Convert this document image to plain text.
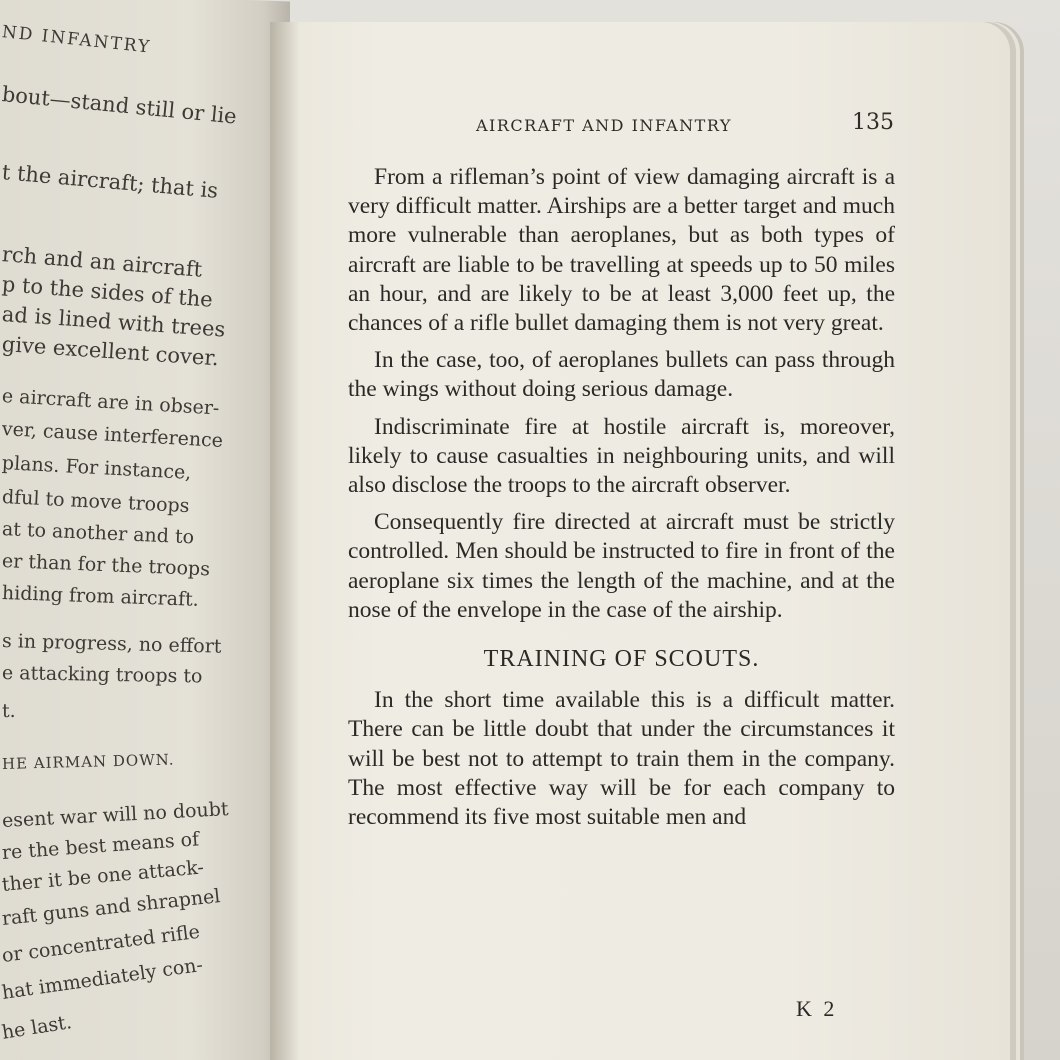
ND INFANTRY
bout—stand still or lie
t the aircraft; that is
rch and an aircraft
p to the sides of the
ad is lined with trees
give excellent cover.
e aircraft are in obser-
ver, cause interference
plans. For instance,
dful to move troops
at to another and to
er than for the troops
hiding from aircraft.
s in progress, no effort
e attacking troops to
t.
HE AIRMAN DOWN.
esent war will no doubt
re the best means of
ther it be one attack-
raft guns and shrapnel
or concentrated rifle
hat immediately con-
he last.
AIRCRAFT AND INFANTRY	135

From a rifleman’s point of view damaging aircraft is a very difficult matter. Airships are a better target and much more vulnerable than aeroplanes, but as both types of aircraft are liable to be travelling at speeds up to 50 miles an hour, and are likely to be at least 3,000 feet up, the chances of a rifle bullet damaging them is not very great.

In the case, too, of aeroplanes bullets can pass through the wings without doing serious damage.

Indiscriminate fire at hostile aircraft is, moreover, likely to cause casualties in neighbouring units, and will also disclose the troops to the aircraft observer.

Consequently fire directed at aircraft must be strictly controlled. Men should be instructed to fire in front of the aeroplane six times the length of the machine, and at the nose of the envelope in the case of the airship.

TRAINING OF SCOUTS.

In the short time available this is a difficult matter. There can be little doubt that under the circumstances it will be best not to attempt to train them in the company. The most effective way will be for each company to recommend its five most suitable men and

K 2
